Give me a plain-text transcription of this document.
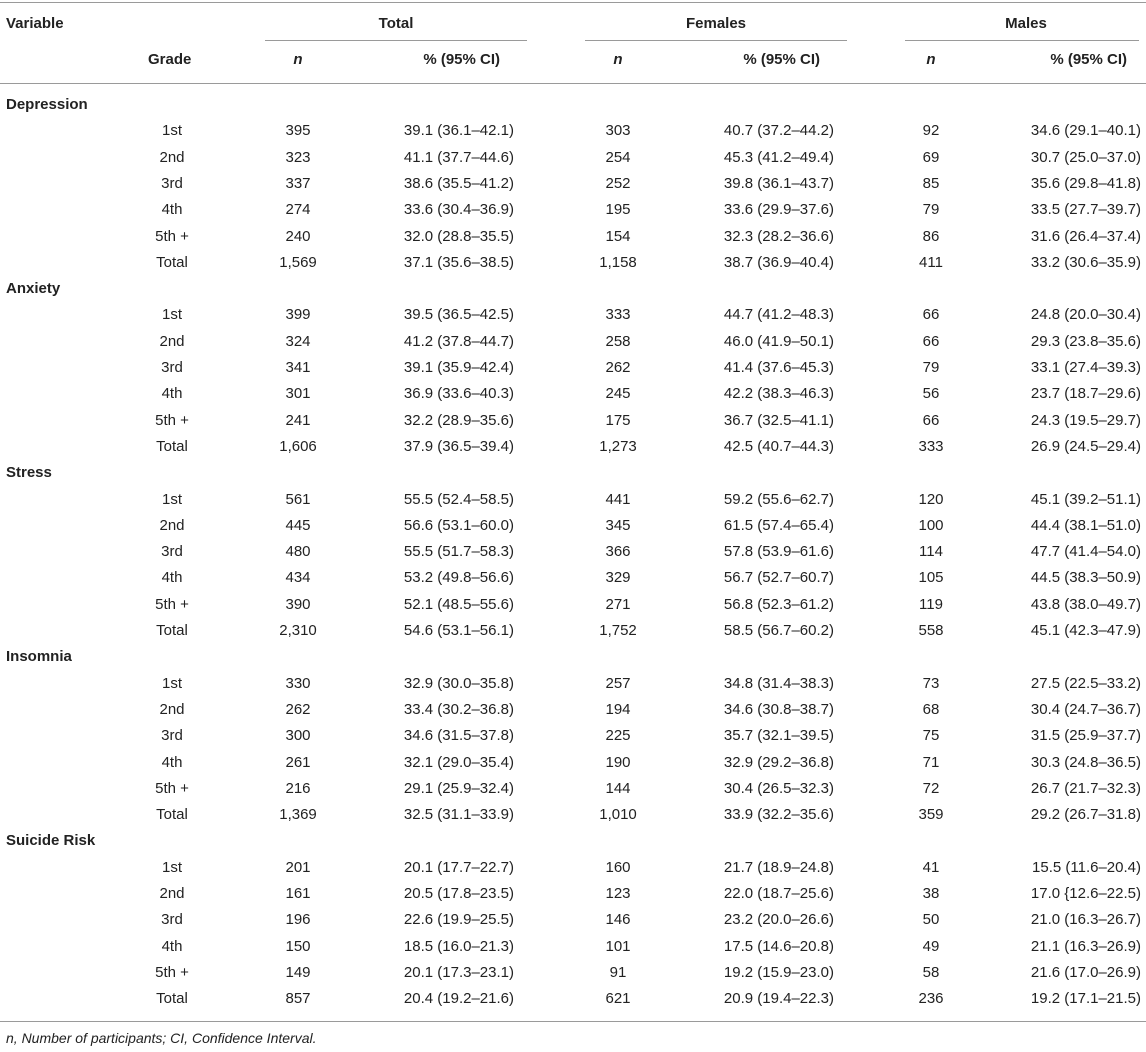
Variable	Total	Females	Males
Grade	n	% (95% CI)	n	% (95% CI)	n	% (95% CI)
Depression
1st	395	39.1 (36.1–42.1)	303	40.7 (37.2–44.2)	92	34.6 (29.1–40.1)
2nd	323	41.1 (37.7–44.6)	254	45.3 (41.2–49.4)	69	30.7 (25.0–37.0)
3rd	337	38.6 (35.5–41.2)	252	39.8 (36.1–43.7)	85	35.6 (29.8–41.8)
4th	274	33.6 (30.4–36.9)	195	33.6 (29.9–37.6)	79	33.5 (27.7–39.7)
5th +	240	32.0 (28.8–35.5)	154	32.3 (28.2–36.6)	86	31.6 (26.4–37.4)
Total	1,569	37.1 (35.6–38.5)	1,158	38.7 (36.9–40.4)	411	33.2 (30.6–35.9)
Anxiety
1st	399	39.5 (36.5–42.5)	333	44.7 (41.2–48.3)	66	24.8 (20.0–30.4)
2nd	324	41.2 (37.8–44.7)	258	46.0 (41.9–50.1)	66	29.3 (23.8–35.6)
3rd	341	39.1 (35.9–42.4)	262	41.4 (37.6–45.3)	79	33.1 (27.4–39.3)
4th	301	36.9 (33.6–40.3)	245	42.2 (38.3–46.3)	56	23.7 (18.7–29.6)
5th +	241	32.2 (28.9–35.6)	175	36.7 (32.5–41.1)	66	24.3 (19.5–29.7)
Total	1,606	37.9 (36.5–39.4)	1,273	42.5 (40.7–44.3)	333	26.9 (24.5–29.4)
Stress
1st	561	55.5 (52.4–58.5)	441	59.2 (55.6–62.7)	120	45.1 (39.2–51.1)
2nd	445	56.6 (53.1–60.0)	345	61.5 (57.4–65.4)	100	44.4 (38.1–51.0)
3rd	480	55.5 (51.7–58.3)	366	57.8 (53.9–61.6)	114	47.7 (41.4–54.0)
4th	434	53.2 (49.8–56.6)	329	56.7 (52.7–60.7)	105	44.5 (38.3–50.9)
5th +	390	52.1 (48.5–55.6)	271	56.8 (52.3–61.2)	119	43.8 (38.0–49.7)
Total	2,310	54.6 (53.1–56.1)	1,752	58.5 (56.7–60.2)	558	45.1 (42.3–47.9)
Insomnia
1st	330	32.9 (30.0–35.8)	257	34.8 (31.4–38.3)	73	27.5 (22.5–33.2)
2nd	262	33.4 (30.2–36.8)	194	34.6 (30.8–38.7)	68	30.4 (24.7–36.7)
3rd	300	34.6 (31.5–37.8)	225	35.7 (32.1–39.5)	75	31.5 (25.9–37.7)
4th	261	32.1 (29.0–35.4)	190	32.9 (29.2–36.8)	71	30.3 (24.8–36.5)
5th +	216	29.1 (25.9–32.4)	144	30.4 (26.5–32.3)	72	26.7 (21.7–32.3)
Total	1,369	32.5 (31.1–33.9)	1,010	33.9 (32.2–35.6)	359	29.2 (26.7–31.8)
Suicide Risk
1st	201	20.1 (17.7–22.7)	160	21.7 (18.9–24.8)	41	15.5 (11.6–20.4)
2nd	161	20.5 (17.8–23.5)	123	22.0 (18.7–25.6)	38	17.0 {12.6–22.5)
3rd	196	22.6 (19.9–25.5)	146	23.2 (20.0–26.6)	50	21.0 (16.3–26.7)
4th	150	18.5 (16.0–21.3)	101	17.5 (14.6–20.8)	49	21.1 (16.3–26.9)
5th +	149	20.1 (17.3–23.1)	91	19.2 (15.9–23.0)	58	21.6 (17.0–26.9)
Total	857	20.4 (19.2–21.6)	621	20.9 (19.4–22.3)	236	19.2 (17.1–21.5)
n, Number of participants; CI, Confidence Interval.
